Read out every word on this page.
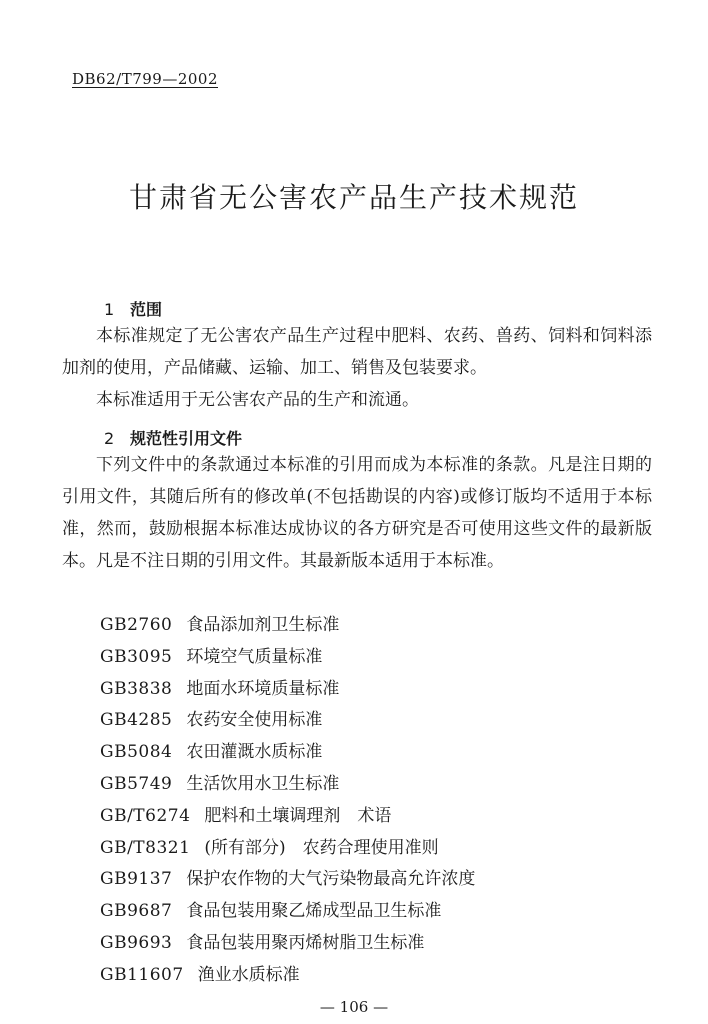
DB62/T799—2002
甘肃省无公害农产品生产技术规范
1 范围
本标准规定了无公害农产品生产过程中肥料、农药、兽药、饲料和饲料添加剂的使用，产品储藏、运输、加工、销售及包装要求。
本标准适用于无公害农产品的生产和流通。
2 规范性引用文件
下列文件中的条款通过本标准的引用而成为本标准的条款。凡是注日期的引用文件，其随后所有的修改单(不包括勘误的内容)或修订版均不适用于本标准，然而，鼓励根据本标准达成协议的各方研究是否可使用这些文件的最新版本。凡是不注日期的引用文件。其最新版本适用于本标准。
GB2760 食品添加剂卫生标准
GB3095 环境空气质量标准
GB3838 地面水环境质量标准
GB4285 农药安全使用标准
GB5084 农田灌溉水质标准
GB5749 生活饮用水卫生标准
GB/T6274 肥料和土壤调理剂　术语
GB/T8321 (所有部分)　农药合理使用准则
GB9137 保护农作物的大气污染物最高允许浓度
GB9687 食品包装用聚乙烯成型品卫生标准
GB9693 食品包装用聚丙烯树脂卫生标准
GB11607 渔业水质标准
— 106 —
